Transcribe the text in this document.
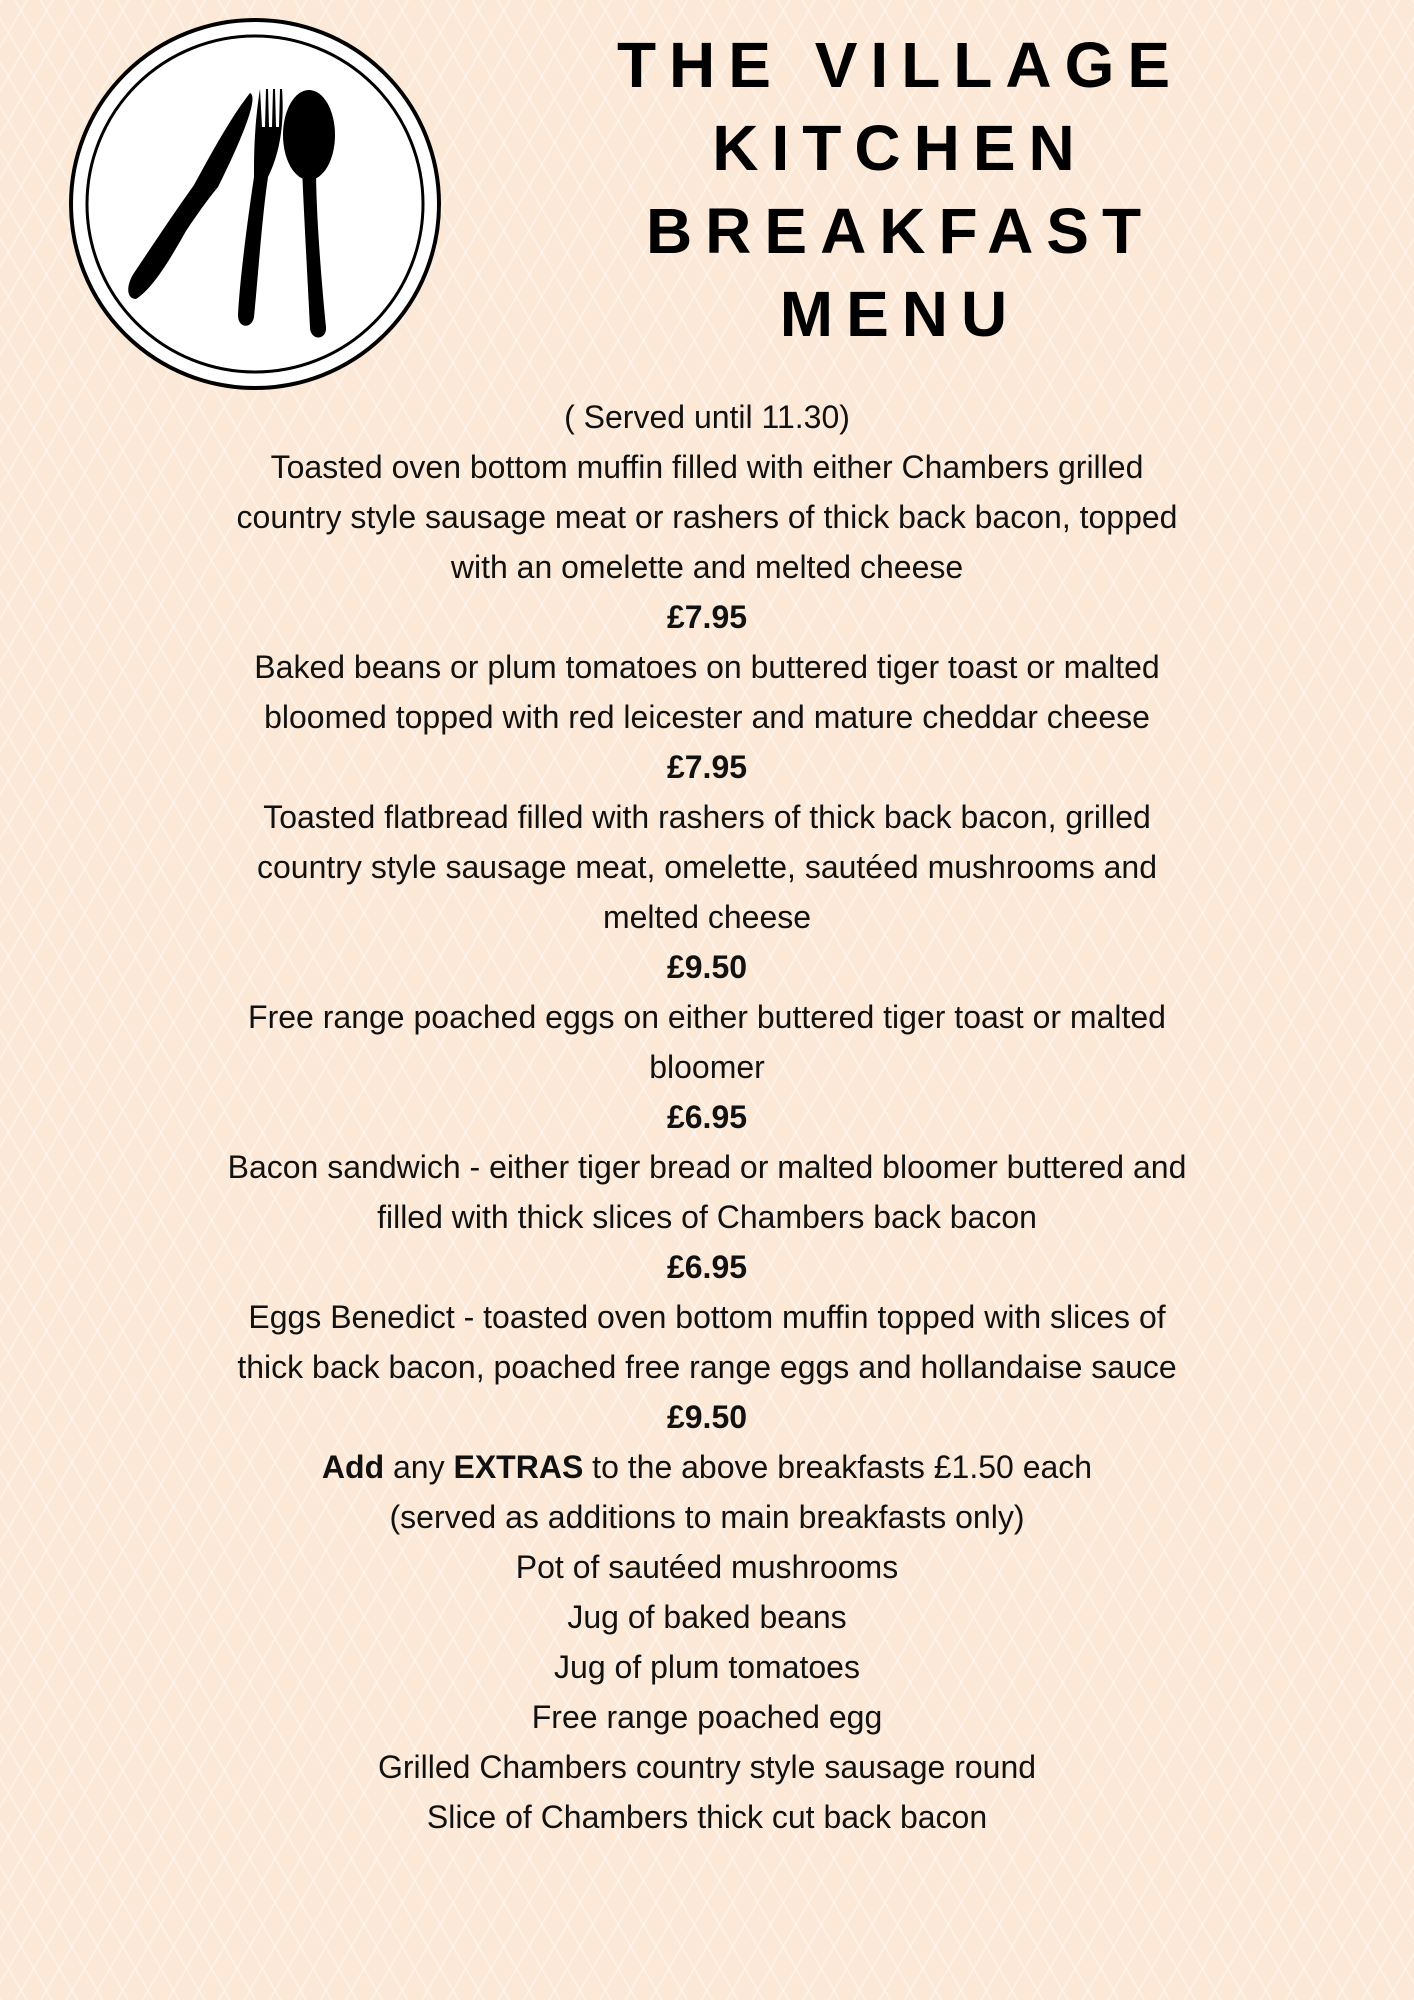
THE VILLAGE
KITCHEN
BREAKFAST
MENU
( Served until 11.30)
Toasted oven bottom muffin filled with either Chambers grilled
country style sausage meat or rashers of thick back bacon, topped
with an omelette and melted cheese
£7.95
Baked beans or plum tomatoes on buttered tiger toast or malted
bloomed topped with red leicester and mature cheddar cheese
£7.95
Toasted flatbread filled with rashers of thick back bacon, grilled
country style sausage meat, omelette, sautéed mushrooms and
melted cheese
£9.50
Free range poached eggs on either buttered tiger toast or malted
bloomer
£6.95
Bacon sandwich - either tiger bread or malted bloomer buttered and
filled with thick slices of Chambers back bacon
£6.95
Eggs Benedict - toasted oven bottom muffin topped with slices of
thick back bacon, poached free range eggs and hollandaise sauce
£9.50
Add any EXTRAS to the above breakfasts £1.50 each
(served as additions to main breakfasts only)
Pot of sautéed mushrooms
Jug of baked beans
Jug of plum tomatoes
Free range poached egg
Grilled Chambers country style sausage round
Slice of Chambers thick cut back bacon
